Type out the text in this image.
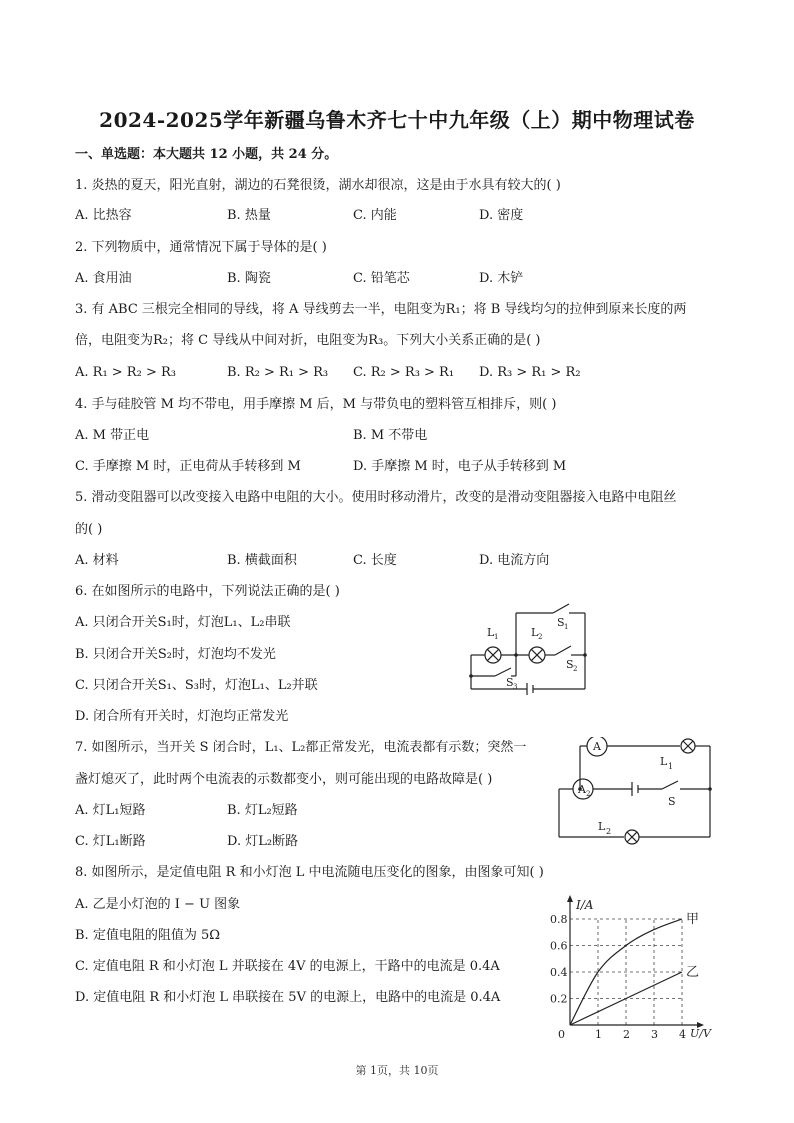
2024-2025学年新疆乌鲁木齐七十中九年级（上）期中物理试卷
一、单选题：本大题共 12 小题，共 24 分。
1. 炎热的夏天，阳光直射，湖边的石凳很烫，湖水却很凉，这是由于水具有较大的( )
A. 比热容	B. 热量	C. 内能	D. 密度
2. 下列物质中，通常情况下属于导体的是( )
A. 食用油	B. 陶瓷	C. 铅笔芯	D. 木铲
3. 有 ABC 三根完全相同的导线，将 A 导线剪去一半，电阻变为R₁；将 B 导线均匀的拉伸到原来长度的两
倍，电阻变为R₂；将 C 导线从中间对折，电阻变为R₃。下列大小关系正确的是( )
A. R₁ > R₂ > R₃	B. R₂ > R₁ > R₃ C. R₂ > R₃ > R₁ D. R₃ > R₁ > R₂
4. 手与硅胶管 M 均不带电，用手摩擦 M 后，M 与带负电的塑料管互相排斥，则( )
A. M 带正电	B. M 不带电
C. 手摩擦 M 时，正电荷从手转移到 M	D. 手摩擦 M 时，电子从手转移到 M
5. 滑动变阻器可以改变接入电路中电阻的大小。使用时移动滑片，改变的是滑动变阻器接入电路中电阻丝
的( )
A. 材料	B. 横截面积	C. 长度	D. 电流方向
6. 在如图所示的电路中，下列说法正确的是( )
A. 只闭合开关S₁时，灯泡L₁、L₂串联
B. 只闭合开关S₂时，灯泡均不发光
C. 只闭合开关S₁、S₃时，灯泡L₁、L₂并联
D. 闭合所有开关时，灯泡均正常发光
L 1	L 2
S 1
S 2
S 3
7. 如图所示，当开关 S 闭合时，L₁、L₂都正常发光，电流表都有示数；突然一
盏灯熄灭了，此时两个电流表的示数都变小，则可能出现的电路故障是( )
A. 灯L₁短路	B. 灯L₂短路
C. 灯L₁断路	D. 灯L₂断路
A
A 2
L 1
L 2
S
8. 如图所示，是定值电阻 R 和小灯泡 L 中电流随电压变化的图象，由图象可知( )
A. 乙是小灯泡的 I − U 图象
B. 定值电阻的阻值为 5Ω
C. 定值电阻 R 和小灯泡 L 并联接在 4V 的电源上，干路中的电流是 0.4A
D. 定值电阻 R 和小灯泡 L 串联接在 5V 的电源上，电路中的电流是 0.4A
0	1 2 3 4
0.2
0.4
0.6
0.8
I/A
U/V
甲
乙
第 1页，共 10页
